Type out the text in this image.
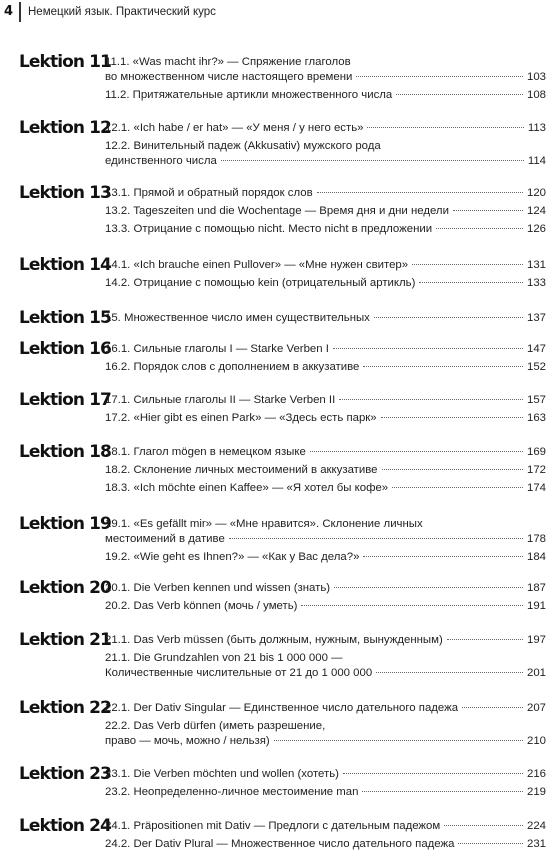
4 Немецкий язык. Практический курс
Lektion 11
11.1. «Was macht ihr?» — Спряжение глаголов
во множественном числе настоящего времени	103
11.2. Притяжательные артикли множественного числа	108
Lektion 12
12.1. «Ich habe / er hat» — «У меня / у него есть»	113
12.2. Винительный падеж (Akkusativ) мужского рода
единственного числа	114
Lektion 13
13.1. Прямой и обратный порядок слов	120
13.2. Tageszeiten und die Wochentage — Время дня и дни недели	124
13.3. Отрицание с помощью nicht. Место nicht в предложении	126
Lektion 14
14.1. «Ich brauche einen Pullover» — «Мне нужен свитер»	131
14.2. Отрицание с помощью kein (отрицательный артикль)	133
Lektion 15
15. Множественное число имен существительных	137
Lektion 16
16.1. Сильные глаголы I — Starke Verben I	147
16.2. Порядок слов с дополнением в аккузативе	152
Lektion 17
17.1. Сильные глаголы II — Starke Verben II	157
17.2. «Hier gibt es einen Park» — «Здесь есть парк»	163
Lektion 18
18.1. Глагол mögen в немецком языке	169
18.2. Склонение личных местоимений в аккузативе	172
18.3. «Ich möchte einen Kaffee» — «Я хотел бы кофе»	174
Lektion 19
19.1. «Es gefällt mir» — «Мне нравится». Склонение личных
местоимений в дативе	178
19.2. «Wie geht es Ihnen?» — «Как у Вас дела?»	184
Lektion 20
20.1. Die Verben kennen und wissen (знать)	187
20.2. Das Verb können (мочь / уметь)	191
Lektion 21
21.1. Das Verb müssen (быть должным, нужным, вынужденным)	197
21.1. Die Grundzahlen von 21 bis 1 000 000 —
Количественные числительные от 21 до 1 000 000	201
Lektion 22
22.1. Der Dativ Singular — Единственное число дательного падежа	207
22.2. Das Verb dürfen (иметь разрешение,
право — мочь, можно / нельзя)	210
Lektion 23
23.1. Die Verben möchten und wollen (хотеть)	216
23.2. Неопределенно-личное местоимение man	219
Lektion 24
24.1. Präpositionen mit Dativ — Предлоги с дательным падежом	224
24.2. Der Dativ Plural — Множественное число дательного падежа	231
